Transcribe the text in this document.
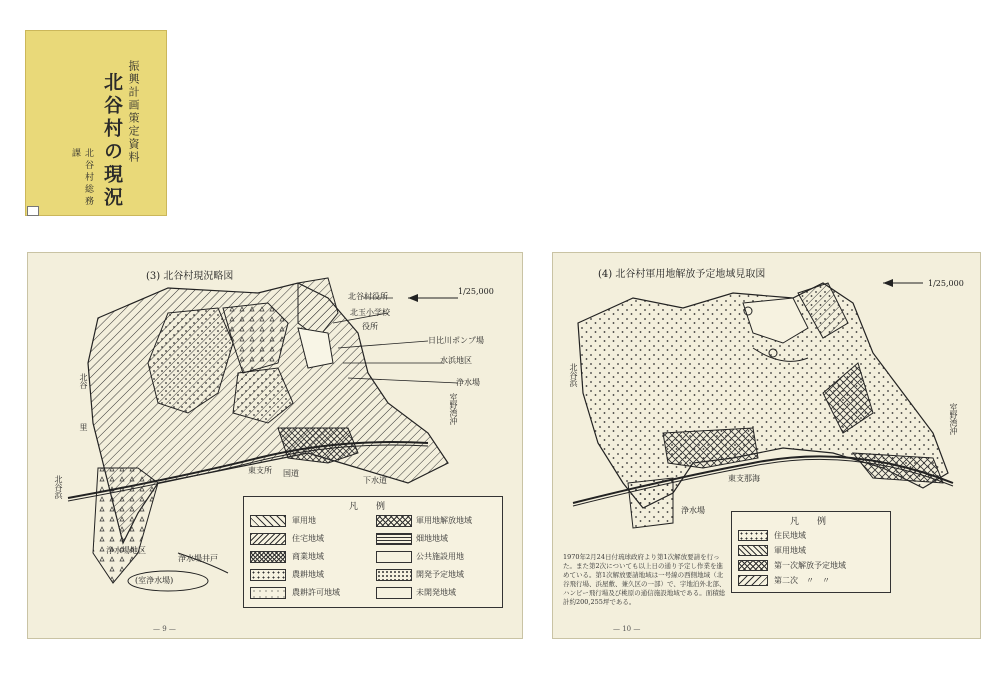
振興計画策定資料
北谷村の現況
北谷村総務課
(3) 北谷村現況略図
1/25,000
北谷村役所
北玉小学校
役所
日比川ポンプ場
水浜地区
浄水場
室野湾沖
国道
東支所
下水道
北谷
里
北谷浜
浄水場地区
浄水場井戸
(室浄水場)
凡　　例
軍用地	軍用地解放地域
住宅地域	畑地地域
商業地域	公共施設用地
農耕地域	開発予定地域
農耕許可地域	未開発地域
— 9 —
(4) 北谷村軍用地解放予定地域見取図
1/25,000
北谷浜
室野湾沖
東支那海
浄水場
凡　　例
住民地域
軍用地域
第一次解放予定地域
第二次　〃　〃
1970年2月24日付琉球政府より第1次解放要請を行った。また第2次についても以上日の通り予定し作業を進めている。第1次解放要請地域は一号線の西側地域（北谷飛行場、浜屋敷、兼久区の一部）で、宇地泊外北部、ハンビー飛行場及び桃原の通信施設地域である。面積総計約200,255坪である。
— 10 —
